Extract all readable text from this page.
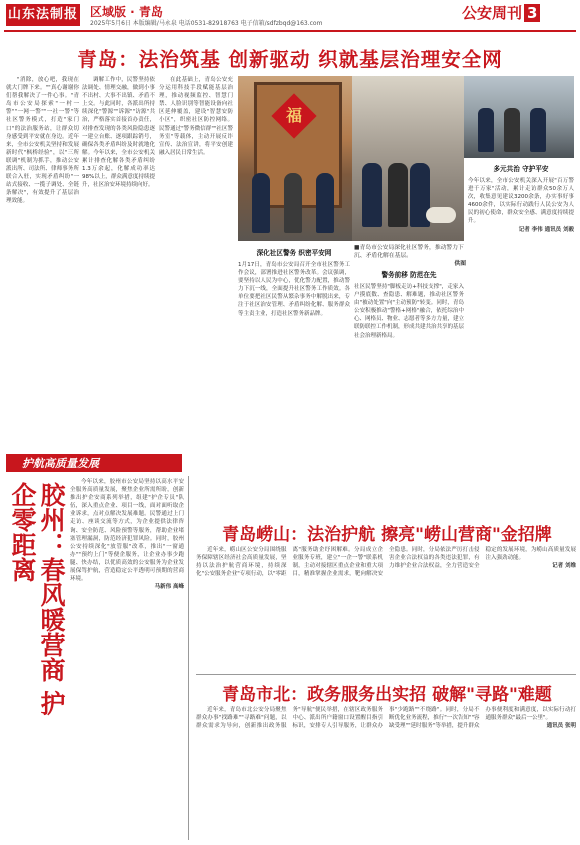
山东法制报 区域版 · 青岛
2025年5月6日 本版编辑/马永泉 电话0531-82918763 电子信箱/sdfzbqd@163.com
公安周刊 3
青岛：法治筑基 创新驱动 织就基层治理安全网
"消除，放心吧，我现在就大门牌下来。""真心谢谢你们帮我解决了一件心事。"青岛市公安局探索"一村一警""一网一警""一社一警"等社区警务模式，打造"家门口"的法治服务站，让群众切身感受到平安就在身边。近年来，全市公安机关坚持和发展新时代"枫桥经验"，以"三所联调"机制为抓手，推动公安派出所、司法所、律师事务所联合入驻，实现矛盾纠纷"一站式接收、一揽子调处、全链条解决"，有效提升了基层治理效能。
调解工作中，民警坚持依法调处、情理交融，做到小事不出村、大事不出镇、矛盾不上交。与此同时，各派出所持续深化"警源""诉源""访源"共治，严格落实首接首办责任，对排查发现的各类风险隐患逐一建立台账、逐项跟踪销号，确保各类矛盾纠纷及时就地化解。今年以来，全市公安机关累计排查化解各类矛盾纠纷1.3万余起，化解成功率达98%以上，群众满意度持续提升，社区治安环境持续向好。
在此基础上，青岛公安充分运用科技手段赋能基层治理，推动视频监控、智慧门禁、人脸识别等智能设备向社区延伸覆盖，建设"智慧安防小区"，织密社区防控网络。民警通过"警务微信群""社区警务室"等载体，主动开展反诈宣传、法治宣讲，将平安创建融入居民日常生活。
深化社区警务 织密平安网
1月17日，青岛市公安局召开全市社区警务工作会议，部署推进社区警务改革。会议强调，要坚持以人民为中心，优化警力配置，推动警力下沉一线，全面提升社区警务工作质效。各单位要把社区民警从繁杂事务中解脱出来，专注于社区治安管理、矛盾纠纷化解、服务群众等主责主业，打造社区警务新品牌。
警务前移 防范在先
社区民警坚持"脚板走访+科技支撑"，走家入户摸底数、查隐患、解难题，推动社区警务由"被动处置"向"主动预防"转变。同时，青岛公安积极推动"警格+网格"融合，依托综治中心、网格员、物业、志愿者等多方力量，建立联防联控工作机制，形成共建共治共享的基层社会治理新格局。
多元共治 守护平安
今年以来，全市公安机关深入开展"百万警进千万家"活动，累计走访群众50余万人次，收集意见建议3200余条，办实事好事4600余件，以实际行动践行人民公安为人民的初心使命，群众安全感、满意度持续提升。
记者 李伟 通讯员 刘毅
福
■青岛市公安局深化社区警务，推动警力下沉、矛盾化解在基层。
供图
护航高质量发展
胶州：春风暖营商 护企零距离	今年以来，胶州市公安局坚持以高水平安全服务高质量发展，聚焦企业所需所盼，创新推出护企安商系列举措，组建"护企专员"队伍，深入重点企业、项目一线，面对面听取企业诉求，点对点解决发展难题。民警通过上门走访、座谈交流等方式，为企业提供法律咨询、安全防范、风险预警等服务，帮助企业堵塞管理漏洞，防范经济犯罪风险。同时，胶州公安持续深化"放管服"改革，推出"一窗通办""预约上门"等便企服务，让企业办事少跑腿、快办结，以优质高效的公安服务为企业发展保驾护航，营造稳定公平透明可预期的营商环境。
马新伟 高峰
青岛崂山：法治护航 擦亮"崂山营商"金招牌
近年来，崂山区公安分局围绕服务保障辖区经济社会高质量发展，坚持以法治护航营商环境，持续深化"公安服务企业"专项行动，以"零距离"服务助企纾困解难。分局成立企业服务专班，建立"一企一警"联系机制，主动对接辖区重点企业和重大项目，精准掌握企业需求，靶向解决安全隐患。同时，分局依法严厉打击侵害企业合法权益的各类违法犯罪，有力维护企业合法权益，全力营造安全稳定的发展环境，为崂山高质量发展注入强劲动能。
记者 刘维
青岛市北：政务服务出实招 破解"寻路"难题
近年来，青岛市北公安分局聚焦群众办事"找路难""寻路难"问题，以群众需求为导向，创新推出政务服务"导航"便民举措，在辖区政务服务中心、派出所户籍窗口设置醒目指引标识，安排专人引导服务，让群众办事"少跑路""不绕路"。同时，分局不断优化业务流程，推行"一次告知""容缺受理""延时服务"等举措，提升群众办事便利度和满意度，以实际行动打通服务群众"最后一公里"。
通讯员 张明
